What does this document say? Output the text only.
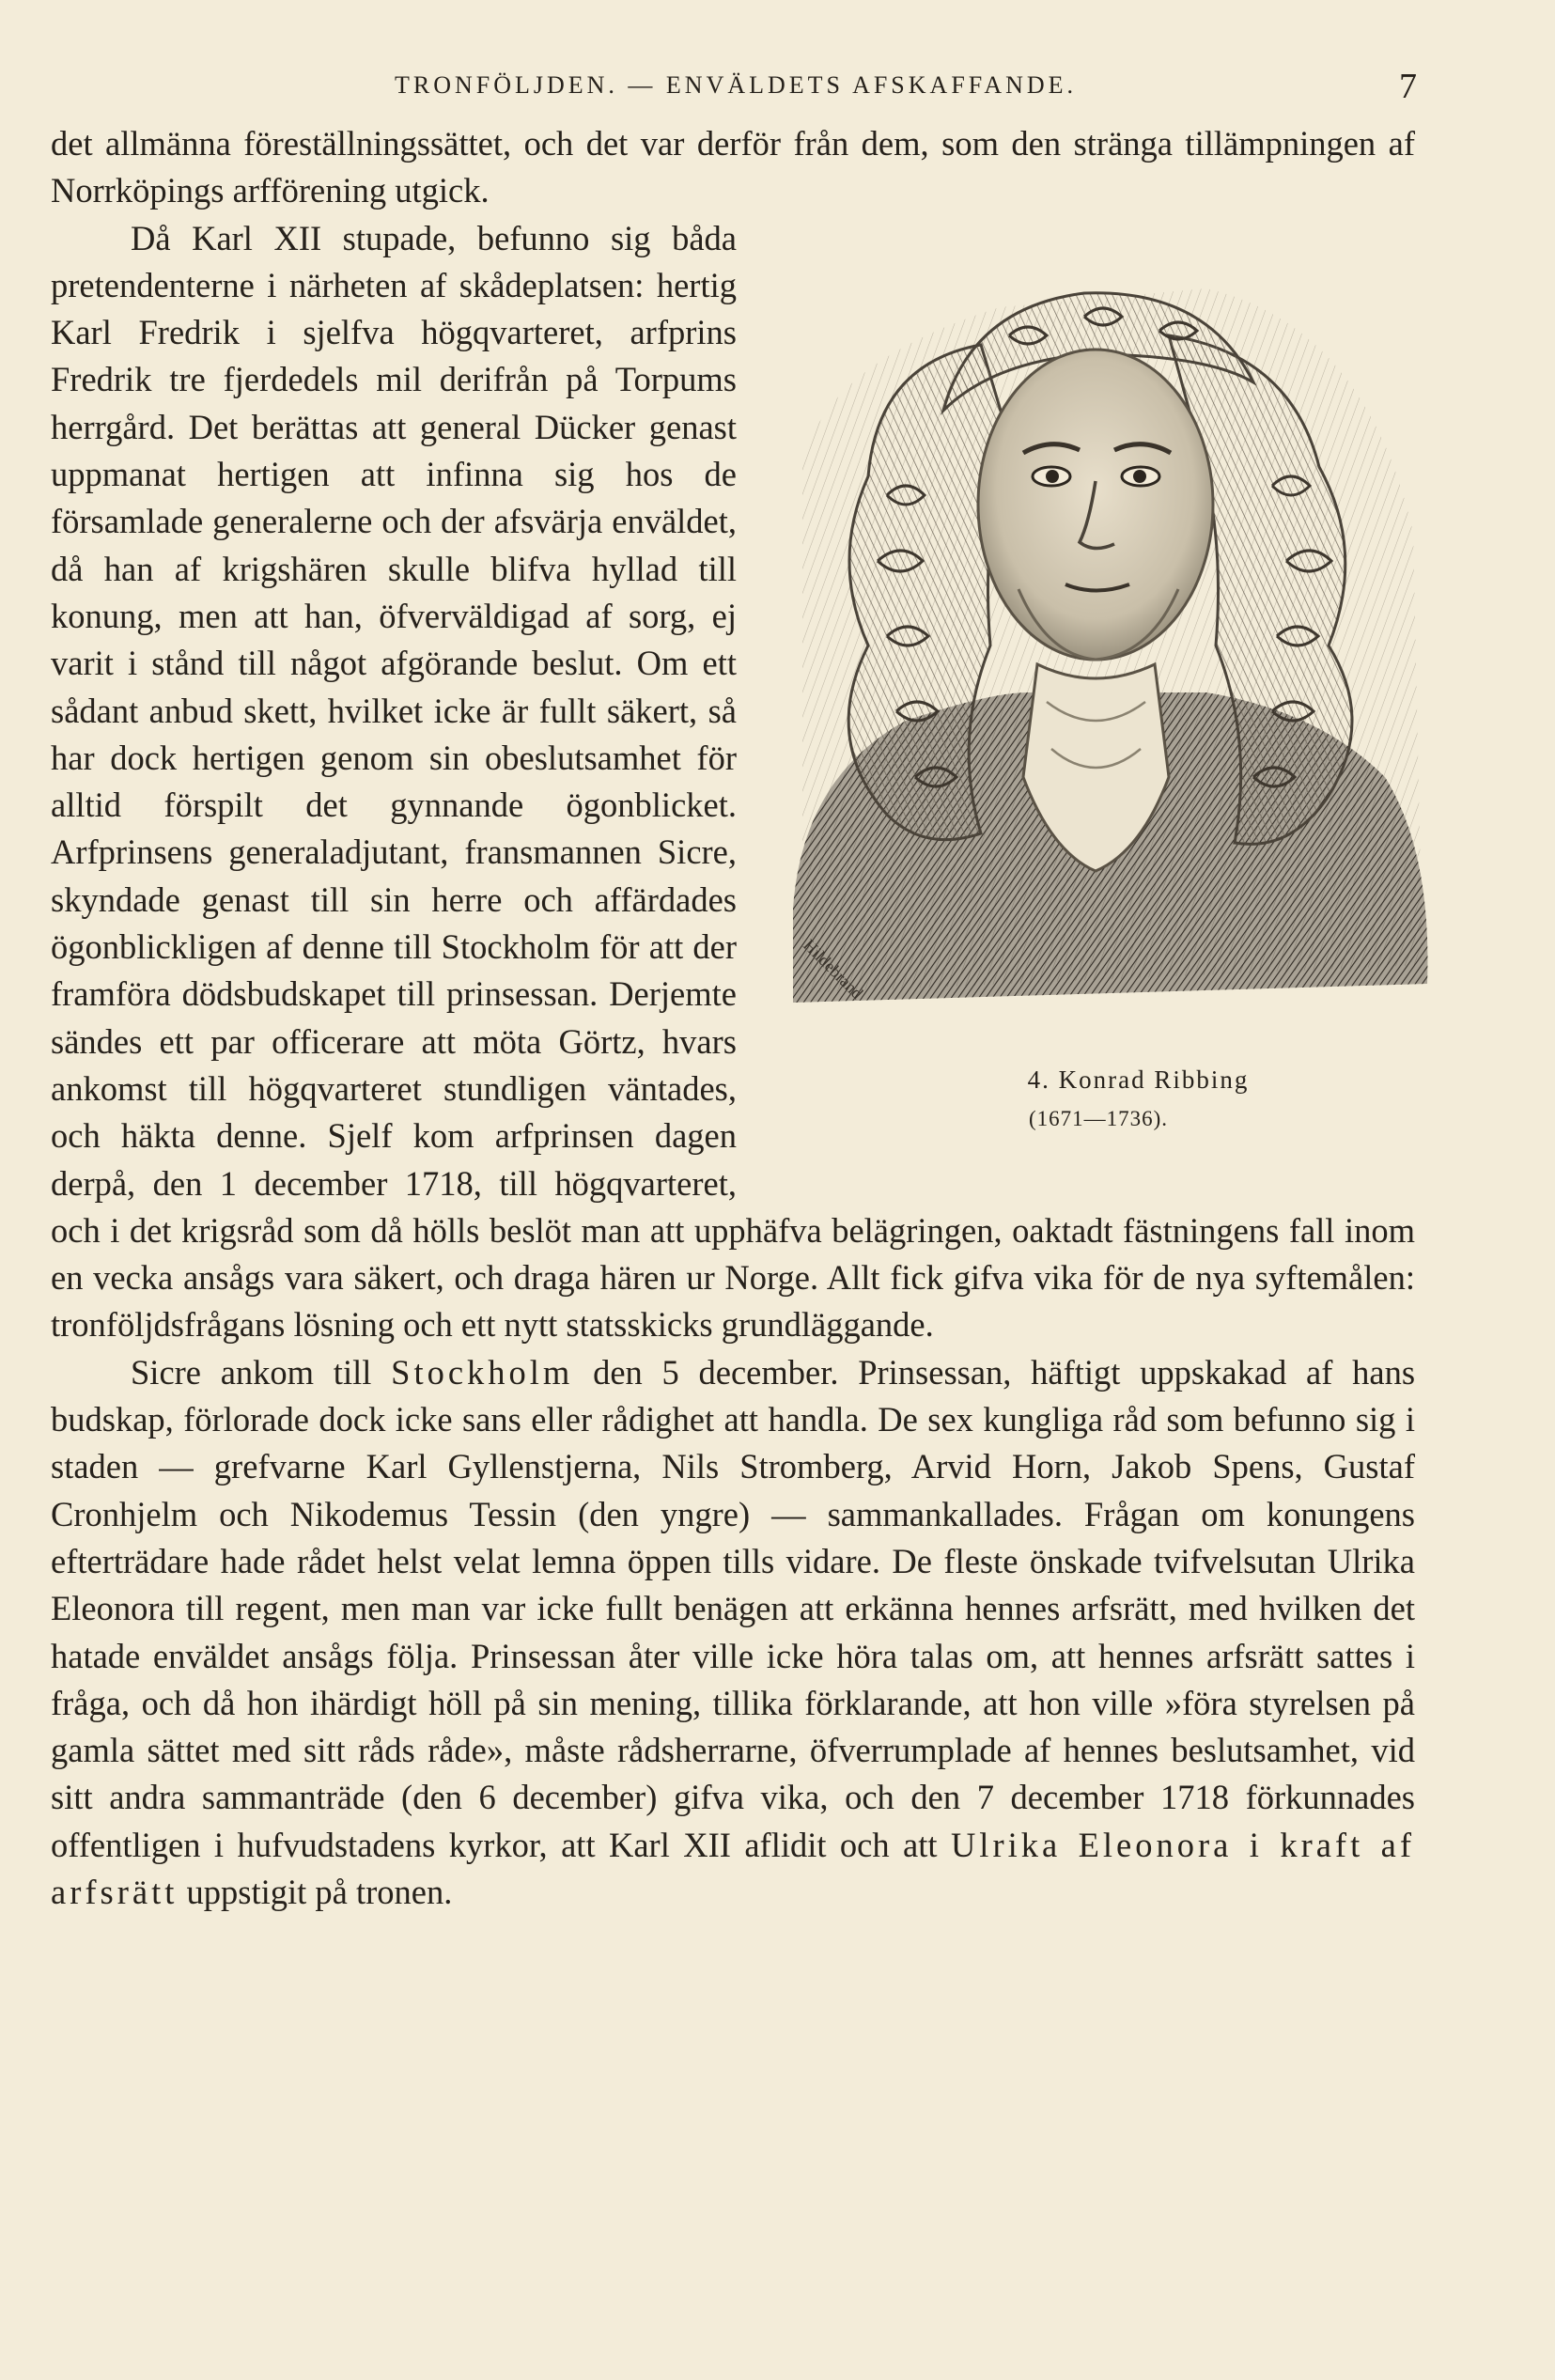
TRONFÖLJDEN. — ENVÄLDETS AFSKAFFANDE.	7

det allmänna föreställningssättet, och det var derför från dem, som den stränga tillämpningen af Norrköpings arfförening utgick.

Hildebrand
4. Konrad Ribbing
(1671—1736).
Då Karl XII stupade, befunno sig båda pretendenterne i närheten af skådeplatsen: hertig Karl Fredrik i sjelfva högqvarteret, arfprins Fredrik tre fjerdedels mil derifrån på Torpums herrgård. Det berättas att general Dücker genast uppmanat hertigen att infinna sig hos de församlade generalerne och der afsvärja enväldet, då han af krigshären skulle blifva hyllad till konung, men att han, öfverväldigad af sorg, ej varit i stånd till något afgörande beslut. Om ett sådant anbud skett, hvilket icke är fullt säkert, så har dock hertigen genom sin obeslutsamhet för alltid förspilt det gynnande ögonblicket. Arfprinsens generaladjutant, fransmannen Sicre, skyndade genast till sin herre och affärdades ögonblickligen af denne till Stockholm för att der framföra dödsbudskapet till prinsessan. Derjemte sändes ett par officerare att möta Görtz, hvars ankomst till högqvarteret stundligen väntades, och häkta denne. Sjelf kom arfprinsen dagen derpå, den 1 december 1718, till högqvarteret, och i det krigsråd som då hölls beslöt man att upphäfva belägringen, oaktadt fästningens fall inom en vecka ansågs vara säkert, och draga hären ur Norge. Allt fick gifva vika för de nya syftemålen: tronföljdsfrågans lösning och ett nytt statsskicks grundläggande.

Sicre ankom till Stockholm den 5 december. Prinsessan, häftigt uppskakad af hans budskap, förlorade dock icke sans eller rådighet att handla. De sex kungliga råd som befunno sig i staden — grefvarne Karl Gyllenstjerna, Nils Stromberg, Arvid Horn, Jakob Spens, Gustaf Cronhjelm och Nikodemus Tessin (den yngre) — sammankallades. Frågan om konungens efterträdare hade rådet helst velat lemna öppen tills vidare. De fleste önskade tvifvelsutan Ulrika Eleonora till regent, men man var icke fullt benägen att erkänna hennes arfsrätt, med hvilken det hatade enväldet ansågs följa. Prinsessan åter ville icke höra talas om, att hennes arfsrätt sattes i fråga, och då hon ihärdigt höll på sin mening, tillika förklarande, att hon ville »föra styrelsen på gamla sättet med sitt råds råde», måste rådsherrarne, öfverrumplade af hennes beslutsamhet, vid sitt andra sammanträde (den 6 december) gifva vika, och den 7 december 1718 förkunnades offentligen i hufvudstadens kyrkor, att Karl XII aflidit och att Ulrika Eleonora i kraft af arfsrätt uppstigit på tronen.
